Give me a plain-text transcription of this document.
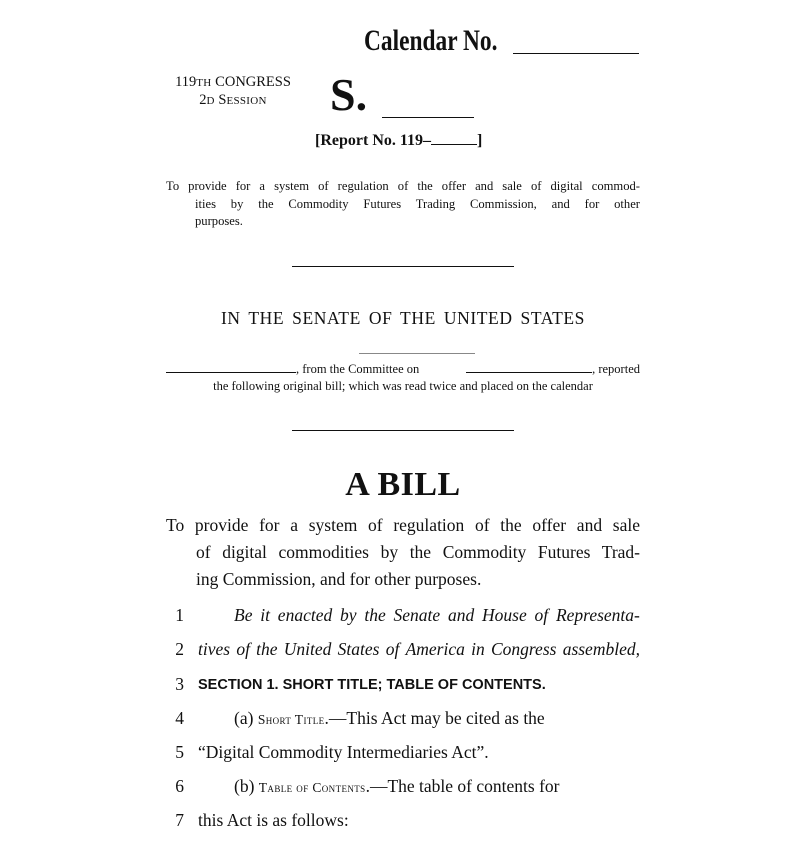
Calendar No.
119TH CONGRESS
2D SESSION	S.
[Report No. 119–	]
To provide for a system of regulation of the offer and sale of digital commod-
ities by the Commodity Futures Trading Commission, and for other
purposes.
IN THE SENATE OF THE UNITED STATES
, from the Committee on	, reported
the following original bill; which was read twice and placed on the calendar
A BILL
To provide for a system of regulation of the offer and sale
of digital commodities by the Commodity Futures Trad-
ing Commission, and for other purposes.
1	Be it enacted by the Senate and House of Representa-
2 tives of the United States of America in Congress assembled,
3 SECTION 1. SHORT TITLE; TABLE OF CONTENTS.
4	(a) Short Title.—This Act may be cited as the
5 “Digital Commodity Intermediaries Act”.
6	(b) Table of Contents.—The table of contents for
7 this Act is as follows:
